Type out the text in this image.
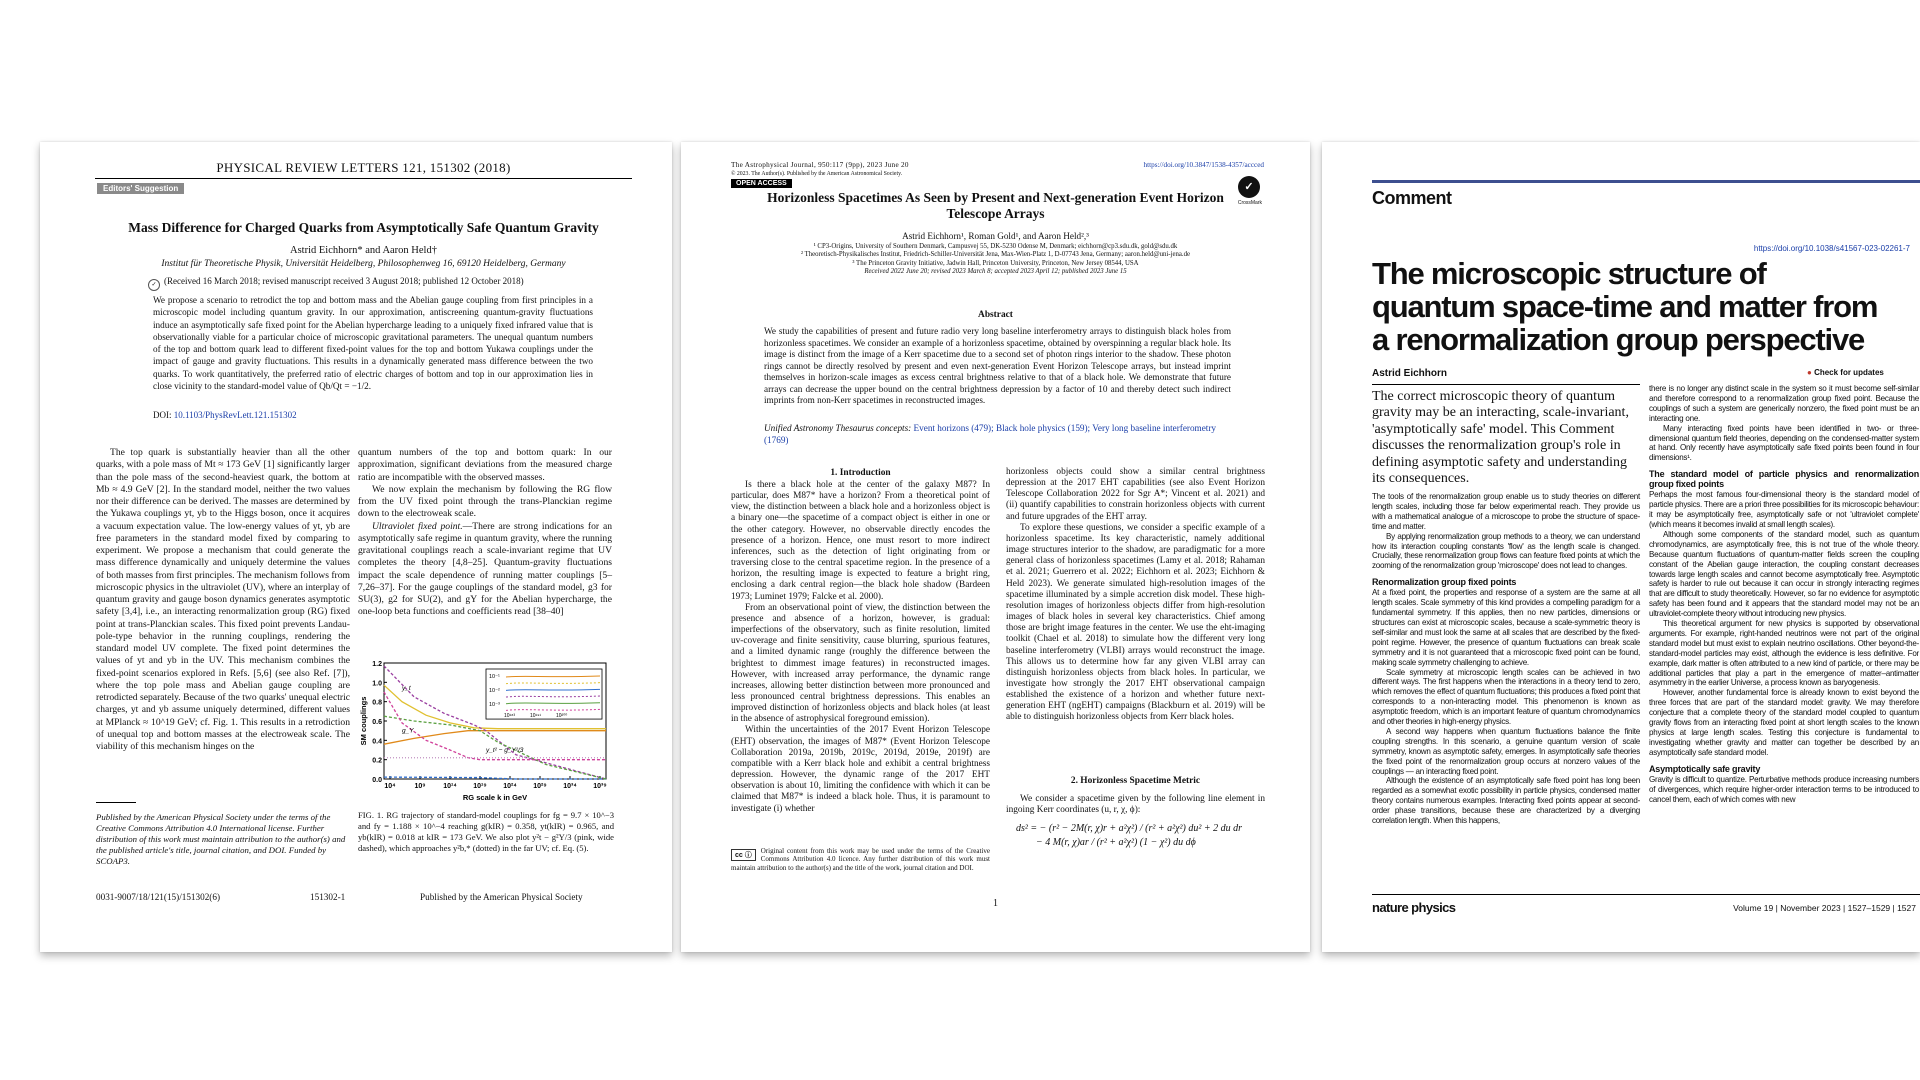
PHYSICAL REVIEW LETTERS 121, 151302 (2018)
Editors' Suggestion
Mass Difference for Charged Quarks from Asymptotically Safe Quantum Gravity
Astrid Eichhorn* and Aaron Held†
Institut für Theoretische Physik, Universität Heidelberg, Philosophenweg 16, 69120 Heidelberg, Germany
✓ (Received 16 March 2018; revised manuscript received 3 August 2018; published 12 October 2018)
We propose a scenario to retrodict the top and bottom mass and the Abelian gauge coupling from first principles in a microscopic model including quantum gravity. In our approximation, antiscreening quantum-gravity fluctuations induce an asymptotically safe fixed point for the Abelian hypercharge leading to a uniquely fixed infrared value that is observationally viable for a particular choice of microscopic gravitational parameters. The unequal quantum numbers of the top and bottom quark lead to different fixed-point values for the top and bottom Yukawa couplings under the impact of gauge and gravity fluctuations. This results in a dynamically generated mass difference between the two quarks. To work quantitatively, the preferred ratio of electric charges of bottom and top in our approximation lies in close vicinity to the standard-model value of Qb/Qt = −1/2.
DOI: 10.1103/PhysRevLett.121.151302
The top quark is substantially heavier than all the other quarks, with a pole mass of Mt ≈ 173 GeV [1] significantly larger than the pole mass of the second-heaviest quark, the bottom at Mb ≈ 4.9 GeV [2]. In the standard model, neither the two values nor their difference can be derived. The masses are determined by the Yukawa couplings yt, yb to the Higgs boson, once it acquires a vacuum expectation value. The low-energy values of yt, yb are free parameters in the standard model fixed by comparing to experiment. We propose a mechanism that could generate the mass difference dynamically and uniquely determine the values of both masses from first principles. The mechanism follows from microscopic physics in the ultraviolet (UV), where an interplay of quantum gravity and gauge boson dynamics generates asymptotic safety [3,4], i.e., an interacting renormalization group (RG) fixed point at trans-Planckian scales. This fixed point prevents Landau-pole-type behavior in the running couplings, rendering the standard model UV complete. The fixed point determines the values of yt and yb in the UV. This mechanism combines the fixed-point scenarios explored in Refs. [5,6] (see also Ref. [7]), where the top pole mass and Abelian gauge coupling are retrodicted separately. Because of the two quarks' unequal electric charges, yt and yb assume uniquely determined, different values at MPlanck ≈ 10^19 GeV; cf. Fig. 1. This results in a retrodiction of unequal top and bottom masses at the electroweak scale. The viability of this mechanism hinges on the

quantum numbers of the top and bottom quark: In our approximation, significant deviations from the measured charge ratio are incompatible with the observed masses.

We now explain the mechanism by following the RG flow from the UV fixed point through the trans-Planckian regime down to the electroweak scale.

Ultraviolet fixed point.—There are strong indications for an asymptotically safe regime in quantum gravity, where the running gravitational couplings reach a scale-invariant regime that UV completes the theory [4,8–25]. Quantum-gravity fluctuations impact the scale dependence of running matter couplings [5–7,26–37]. For the gauge couplings of the standard model, g3 for SU(3), g2 for SU(2), and gY for the Abelian hypercharge, the one-loop beta functions and coefficients read [38–40]

0.0
0.2
0.4
0.6
0.8
1.0
1.2
10⁴	10⁹	10¹⁴ 10¹⁹ 10²⁴ 10²⁹ 10³⁴ 10³⁹
RG scale k in GeV
SM couplings	g_Y
y_t
y_t² − g_Y²/3
10⁻¹
10⁻²
10⁻³
10¹⁸³	10¹⁹¹	10²⁰⁰
Published by the American Physical Society under the terms of the Creative Commons Attribution 4.0 International license. Further distribution of this work must maintain attribution to the author(s) and the published article's title, journal citation, and DOI. Funded by SCOAP3.
FIG. 1. RG trajectory of standard-model couplings for fg = 9.7 × 10^−3 and fy = 1.188 × 10^−4 reaching g(kIR) = 0.358, yt(kIR) = 0.965, and yb(kIR) = 0.018 at kIR = 173 GeV. We also plot y²t − g²Y/3 (pink, wide dashed), which approaches y²b,* (dotted) in the far UV; cf. Eq. (5).
0031-9007/18/121(15)/151302(6)	151302-1	Published by the American Physical Society
The Astrophysical Journal, 950:117 (9pp), 2023 June 20
© 2023. The Author(s). Published by the American Astronomical Society.
OPEN ACCESS
https://doi.org/10.3847/1538-4357/accced
✓
CrossMark
Horizonless Spacetimes As Seen by Present and Next-generation Event Horizon Telescope Arrays
Astrid Eichhorn¹, Roman Gold¹, and Aaron Held²,³
¹ CP3-Origins, University of Southern Denmark, Campusvej 55, DK-5230 Odense M, Denmark; eichhorn@cp3.sdu.dk, gold@sdu.dk
² Theoretisch-Physikalisches Institut, Friedrich-Schiller-Universität Jena, Max-Wien-Platz 1, D-07743 Jena, Germany; aaron.held@uni-jena.de
³ The Princeton Gravity Initiative, Jadwin Hall, Princeton University, Princeton, New Jersey 08544, USA
Received 2022 June 20; revised 2023 March 8; accepted 2023 April 12; published 2023 June 15
Abstract
We study the capabilities of present and future radio very long baseline interferometry arrays to distinguish black holes from horizonless spacetimes. We consider an example of a horizonless spacetime, obtained by overspinning a regular black hole. Its image is distinct from the image of a Kerr spacetime due to a second set of photon rings interior to the shadow. These photon rings cannot be directly resolved by present and even next-generation Event Horizon Telescope arrays, but instead imprint themselves in horizon-scale images as excess central brightness relative to that of a black hole. We demonstrate that future arrays can decrease the upper bound on the central brightness depression by a factor of 10 and thereby detect such indirect imprints from non-Kerr spacetimes in reconstructed images.
Unified Astronomy Thesaurus concepts: Event horizons (479); Black hole physics (159); Very long baseline interferometry (1769)
1. Introduction

Is there a black hole at the center of the galaxy M87? In particular, does M87* have a horizon? From a theoretical point of view, the distinction between a black hole and a horizonless object is a binary one—the spacetime of a compact object is either in one or the other category. However, no observable directly encodes the presence of a horizon. Hence, one must resort to more indirect inferences, such as the detection of light originating from or traversing close to the central spacetime region. In the presence of a horizon, the resulting image is expected to feature a bright ring, enclosing a dark central region—the black hole shadow (Bardeen 1973; Luminet 1979; Falcke et al. 2000).

From an observational point of view, the distinction between the presence and absence of a horizon, however, is gradual: imperfections of the observatory, such as finite resolution, limited uv-coverage and finite sensitivity, cause blurring, spurious features, and a limited dynamic range (roughly the difference between the brightest to dimmest image features) in reconstructed images. However, with increased array performance, the dynamic range increases, allowing better distinction between more pronounced and less pronounced central brightness depressions. This enables an improved distinction of horizonless objects and black holes (at least in the absence of astrophysical foreground emission).

Within the uncertainties of the 2017 Event Horizon Telescope (EHT) observation, the images of M87* (Event Horizon Telescope Collaboration 2019a, 2019b, 2019c, 2019d, 2019e, 2019f) are compatible with a Kerr black hole and exhibit a central brightness depression. However, the dynamic range of the 2017 EHT observation is about 10, limiting the confidence with which it can be claimed that M87* is indeed a black hole. Thus, it is paramount to investigate (i) whether

horizonless objects could show a similar central brightness depression at the 2017 EHT capabilities (see also Event Horizon Telescope Collaboration 2022 for Sgr A*; Vincent et al. 2021) and (ii) quantify capabilities to constrain horizonless objects with current and future upgrades of the EHT array.

To explore these questions, we consider a specific example of a horizonless spacetime. Its key characteristic, namely additional image structures interior to the shadow, are paradigmatic for a more general class of horizonless spacetimes (Lamy et al. 2018; Rahaman et al. 2021; Guerrero et al. 2022; Eichhorn et al. 2023; Eichhorn & Held 2023). We generate simulated high-resolution images of the spacetime illuminated by a simple accretion disk model. These high-resolution images of horizonless objects differ from high-resolution images of black holes in several key characteristics. Chief among those are bright image features in the center. We use the eht-imaging toolkit (Chael et al. 2018) to simulate how the different very long baseline interferometry (VLBI) arrays would reconstruct the image. This allows us to determine how far any given VLBI array can distinguish horizonless objects from black holes. In particular, we investigate how strongly the 2017 EHT observational campaign established the existence of a horizon and whether future next-generation EHT (ngEHT) campaigns (Blackburn et al. 2019) will be able to distinguish horizonless objects from Kerr black holes.

2. Horizonless Spacetime Metric
We consider a spacetime given by the following line element in ingoing Kerr coordinates (u, r, χ, ϕ):
ds² = − (r² − 2M(r, χ)r + a²χ²) / (r² + a²χ²) du² + 2 du dr
− 4 M(r, χ)ar / (r² + a²χ²) (1 − χ²) du dϕ
cc ⓘ
Original content from this work may be used under the terms of the Creative Commons Attribution 4.0 licence. Any further distribution of this work must maintain attribution to the author(s) and the title of the work, journal citation and DOI.
1
Comment
https://doi.org/10.1038/s41567-023-02261-7
The microscopic structure of quantum space-time and matter from a renormalization group perspective
Astrid Eichhorn	● Check for updates
The correct microscopic theory of quantum gravity may be an interacting, scale-invariant, 'asymptotically safe' model. This Comment discusses the renormalization group's role in defining asymptotic safety and understanding its consequences.

The tools of the renormalization group enable us to study theories on different length scales, including those far below experimental reach. They provide us with a mathematical analogue of a microscope to probe the structure of space-time and matter.

By applying renormalization group methods to a theory, we can understand how its interaction coupling constants 'flow' as the length scale is changed. Crucially, these renormalization group flows can feature fixed points at which the zooming of the renormalization group 'microscope' does not lead to changes.

Renormalization group fixed points

At a fixed point, the properties and response of a system are the same at all length scales. Scale symmetry of this kind provides a compelling paradigm for a fundamental symmetry. If this applies, then no new particles, dimensions or structures can exist at microscopic scales, because a scale-symmetric theory is self-similar and must look the same at all scales that are described by the fixed-point regime. However, the presence of quantum fluctuations can break scale symmetry and it is not guaranteed that a microscopic fixed point can be found, making scale symmetry challenging to achieve.

Scale symmetry at microscopic length scales can be achieved in two different ways. The first happens when the interactions in a theory tend to zero, which removes the effect of quantum fluctuations; this produces a fixed point that corresponds to a non-interacting model. This phenomenon is known as asymptotic freedom, which is an important feature of quantum chromodynamics and other theories in high-energy physics.

A second way happens when quantum fluctuations balance the finite coupling strengths. In this scenario, a genuine quantum version of scale symmetry, known as asymptotic safety, emerges. In asymptotically safe theories the fixed point of the renormalization group occurs at nonzero values of the couplings — an interacting fixed point.

Although the existence of an asymptotically safe fixed point has long been regarded as a somewhat exotic possibility in particle physics, condensed matter theory contains numerous examples. Interacting fixed points appear at second-order phase transitions, because these are characterized by a diverging correlation length. When this happens,

there is no longer any distinct scale in the system so it must become self-similar and therefore correspond to a renormalization group fixed point. Because the couplings of such a system are generically nonzero, the fixed point must be an interacting one.

Many interacting fixed points have been identified in two- or three-dimensional quantum field theories, depending on the condensed-matter system at hand. Only recently have asymptotically safe fixed points been found in four dimensions¹.

The standard model of particle physics and renormalization group fixed points

Perhaps the most famous four-dimensional theory is the standard model of particle physics. There are a priori three possibilities for its microscopic behaviour: it may be asymptotically free, asymptotically safe or not 'ultraviolet complete' (which means it becomes invalid at small length scales).

Although some components of the standard model, such as quantum chromodynamics, are asymptotically free, this is not true of the whole theory. Because quantum fluctuations of quantum-matter fields screen the coupling constant of the Abelian gauge interaction, the coupling constant decreases towards large length scales and cannot become asymptotically free. Asymptotic safety is harder to rule out because it can occur in strongly interacting regimes that are difficult to study theoretically. However, so far no evidence for asymptotic safety has been found and it appears that the standard model may not be an ultraviolet-complete theory without introducing new physics.

This theoretical argument for new physics is supported by observational arguments. For example, right-handed neutrinos were not part of the original standard model but must exist to explain neutrino oscillations. Other beyond-the-standard-model particles may exist, although the evidence is less definitive. For example, dark matter is often attributed to a new kind of particle, or there may be additional particles that play a part in the emergence of matter–antimatter asymmetry in the earlier Universe, a process known as baryogenesis.

However, another fundamental force is already known to exist beyond the three forces that are part of the standard model: gravity. We may therefore conjecture that a complete theory of the standard model coupled to quantum gravity flows from an interacting fixed point at short length scales to the known physics at large length scales. Testing this conjecture is fundamental to investigating whether gravity and matter can together be described by an asymptotically safe standard model.

Asymptotically safe gravity

Gravity is difficult to quantize. Perturbative methods produce increasing numbers of divergences, which require higher-order interaction terms to be introduced to cancel them, each of which comes with new

nature physics	Volume 19 | November 2023 | 1527–1529 | 1527
